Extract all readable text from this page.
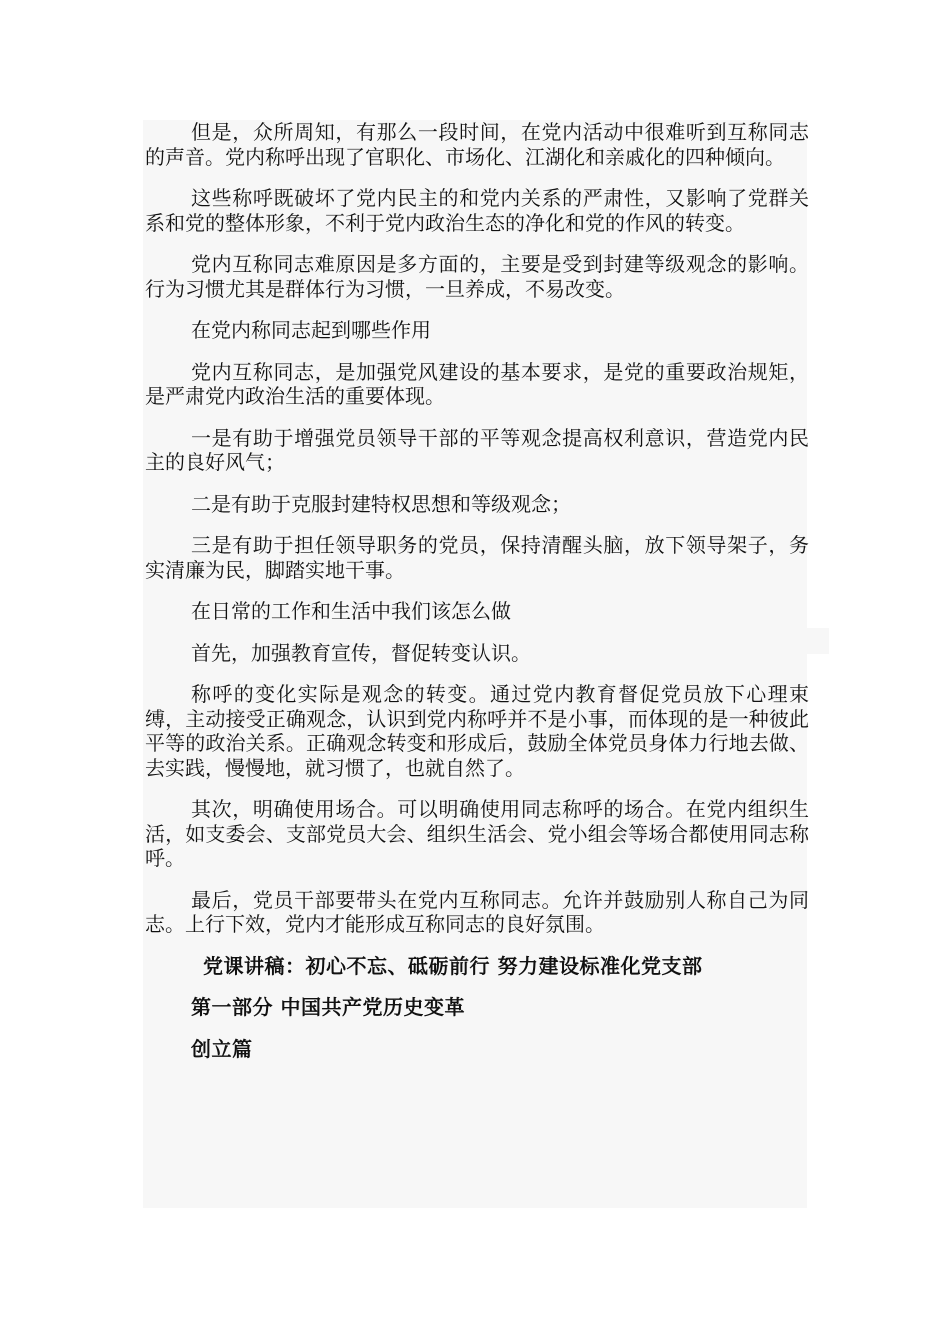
但是，众所周知，有那么一段时间，在党内活动中很难听到互称同志的声音。党内称呼出现了官职化、市场化、江湖化和亲戚化的四种倾向。

这些称呼既破坏了党内民主的和党内关系的严肃性，又影响了党群关系和党的整体形象，不利于党内政治生态的净化和党的作风的转变。

党内互称同志难原因是多方面的，主要是受到封建等级观念的影响。行为习惯尤其是群体行为习惯，一旦养成，不易改变。

在党内称同志起到哪些作用

党内互称同志，是加强党风建设的基本要求，是党的重要政治规矩，是严肃党内政治生活的重要体现。

一是有助于增强党员领导干部的平等观念提高权利意识，营造党内民主的良好风气；

二是有助于克服封建特权思想和等级观念；

三是有助于担任领导职务的党员，保持清醒头脑，放下领导架子，务实清廉为民，脚踏实地干事。

在日常的工作和生活中我们该怎么做

首先，加强教育宣传，督促转变认识。

称呼的变化实际是观念的转变。通过党内教育督促党员放下心理束缚，主动接受正确观念，认识到党内称呼并不是小事，而体现的是一种彼此平等的政治关系。正确观念转变和形成后，鼓励全体党员身体力行地去做、去实践，慢慢地，就习惯了，也就自然了。

其次，明确使用场合。可以明确使用同志称呼的场合。在党内组织生活，如支委会、支部党员大会、组织生活会、党小组会等场合都使用同志称呼。

最后，党员干部要带头在党内互称同志。允许并鼓励别人称自己为同志。上行下效，党内才能形成互称同志的良好氛围。

党课讲稿：初心不忘、砥砺前行 努力建设标准化党支部

第一部分 中国共产党历史变革

创立篇
